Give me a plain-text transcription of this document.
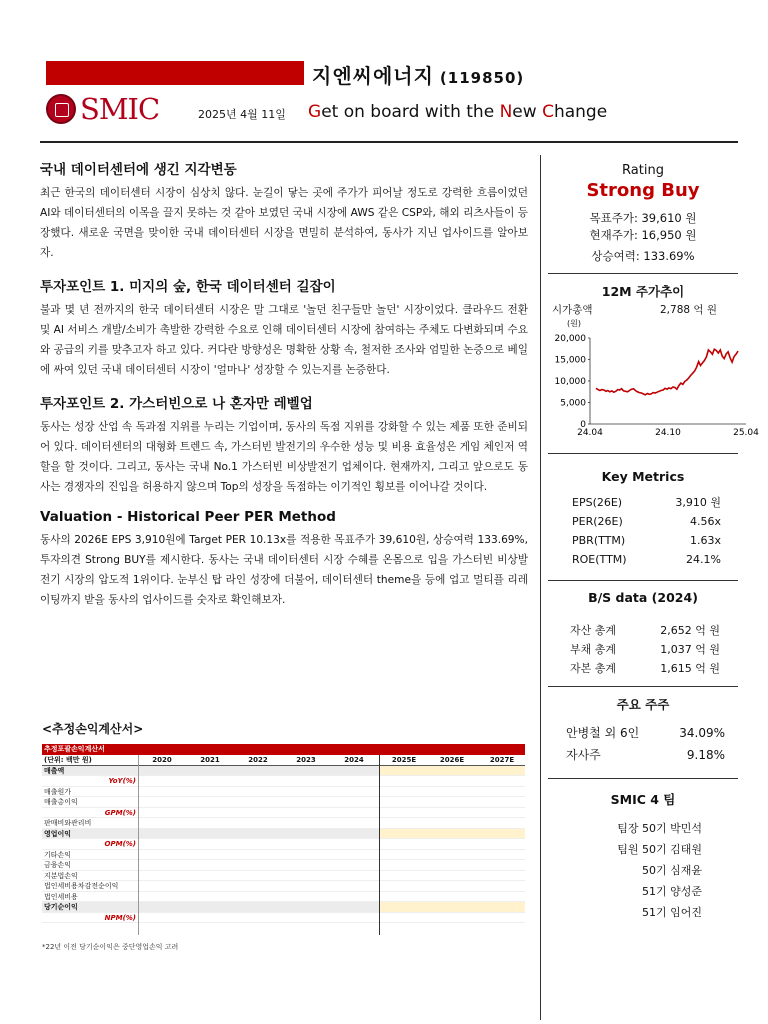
지엔씨에너지 (119850)
SMIC	2025년 4월 11일 Get on board with the New Change
국내 데이터센터에 생긴 지각변동

최근 한국의 데이터센터 시장이 심상치 않다. 눈길이 닿는 곳에 주가가 피어날 정도로 강력한 흐름이었던 AI와 데이터센터의 이목을 끌지 못하는 것 같아 보였던 국내 시장에 AWS 같은 CSP와, 해외 리츠사들이 등장했다. 새로운 국면을 맞이한 국내 데이터센터 시장을 면밀히 분석하여, 동사가 지닌 업사이드를 알아보자.

투자포인트 1. 미지의 숲, 한국 데이터센터 길잡이

불과 몇 년 전까지의 한국 데이터센터 시장은 말 그대로 '놀던 친구들만 놀던' 시장이었다. 클라우드 전환 및 AI 서비스 개발/소비가 촉발한 강력한 수요로 인해 데이터센터 시장에 참여하는 주체도 다변화되며 수요와 공급의 키를 맞추고자 하고 있다. 커다란 방향성은 명확한 상황 속, 철저한 조사와 엄밀한 논증으로 베일에 싸여 있던 국내 데이터센터 시장이 '얼마나' 성장할 수 있는지를 논증한다.

투자포인트 2. 가스터빈으로 나 혼자만 레벨업

동사는 성장 산업 속 독과점 지위를 누리는 기업이며, 동사의 독점 지위를 강화할 수 있는 제품 또한 준비되어 있다. 데이터센터의 대형화 트렌드 속, 가스터빈 발전기의 우수한 성능 및 비용 효율성은 게임 체인저 역할을 할 것이다. 그리고, 동사는 국내 No.1 가스터빈 비상발전기 업체이다. 현재까지, 그리고 앞으로도 동사는 경쟁자의 진입을 허용하지 않으며 Top의 성장을 독점하는 이기적인 횡보를 이어나갈 것이다.

Valuation - Historical Peer PER Method

동사의 2026E EPS 3,910원에 Target PER 10.13x를 적용한 목표주가 39,610원, 상승여력 133.69%, 투자의견 Strong BUY를 제시한다. 동사는 국내 데이터센터 시장 수혜를 온몸으로 입을 가스터빈 비상발전기 시장의 압도적 1위이다. 눈부신 탑 라인 성장에 더불어, 데이터센터 theme을 등에 업고 멀티플 리레이팅까지 받을 동사의 업사이드를 숫자로 확인해보자.

<추정손익계산서>
추정포괄손익계산서
(단위: 백만 원)	2020	2021	2022	2023	2024	2025E	2026E	2027E
매출액
YoY(%)
매출원가
매출총이익
GPM(%)
판매비와관리비
영업이익
OPM(%)
기타손익
금융손익
지분법손익
법인세비용차감전순이익
법인세비용
당기순이익
NPM(%)
*22년 이전 당기순이익은 중단영업손익 고려
Rating
Strong Buy
목표주가: 39,610 원
현재주가: 16,950 원
상승여력: 133.69%
12M 주가추이
시가총액
(원)
2,788 억 원
0
5,000
10,000
15,000
20,000
24.04	24.10	25.04
Key Metrics
EPS(26E)	3,910 원
PER(26E)	4.56x
PBR(TTM)	1.63x
ROE(TTM)	24.1%
B/S data (2024)
자산 총계	2,652 억 원
부채 총계	1,037 억 원
자본 총계	1,615 억 원
주요 주주
안병철 외 6인	34.09%
자사주	9.18%
SMIC 4 팀
팀장 50기 박민석
팀원 50기 김태원
50기 심재윤
51기 양성준
51기 임어진
